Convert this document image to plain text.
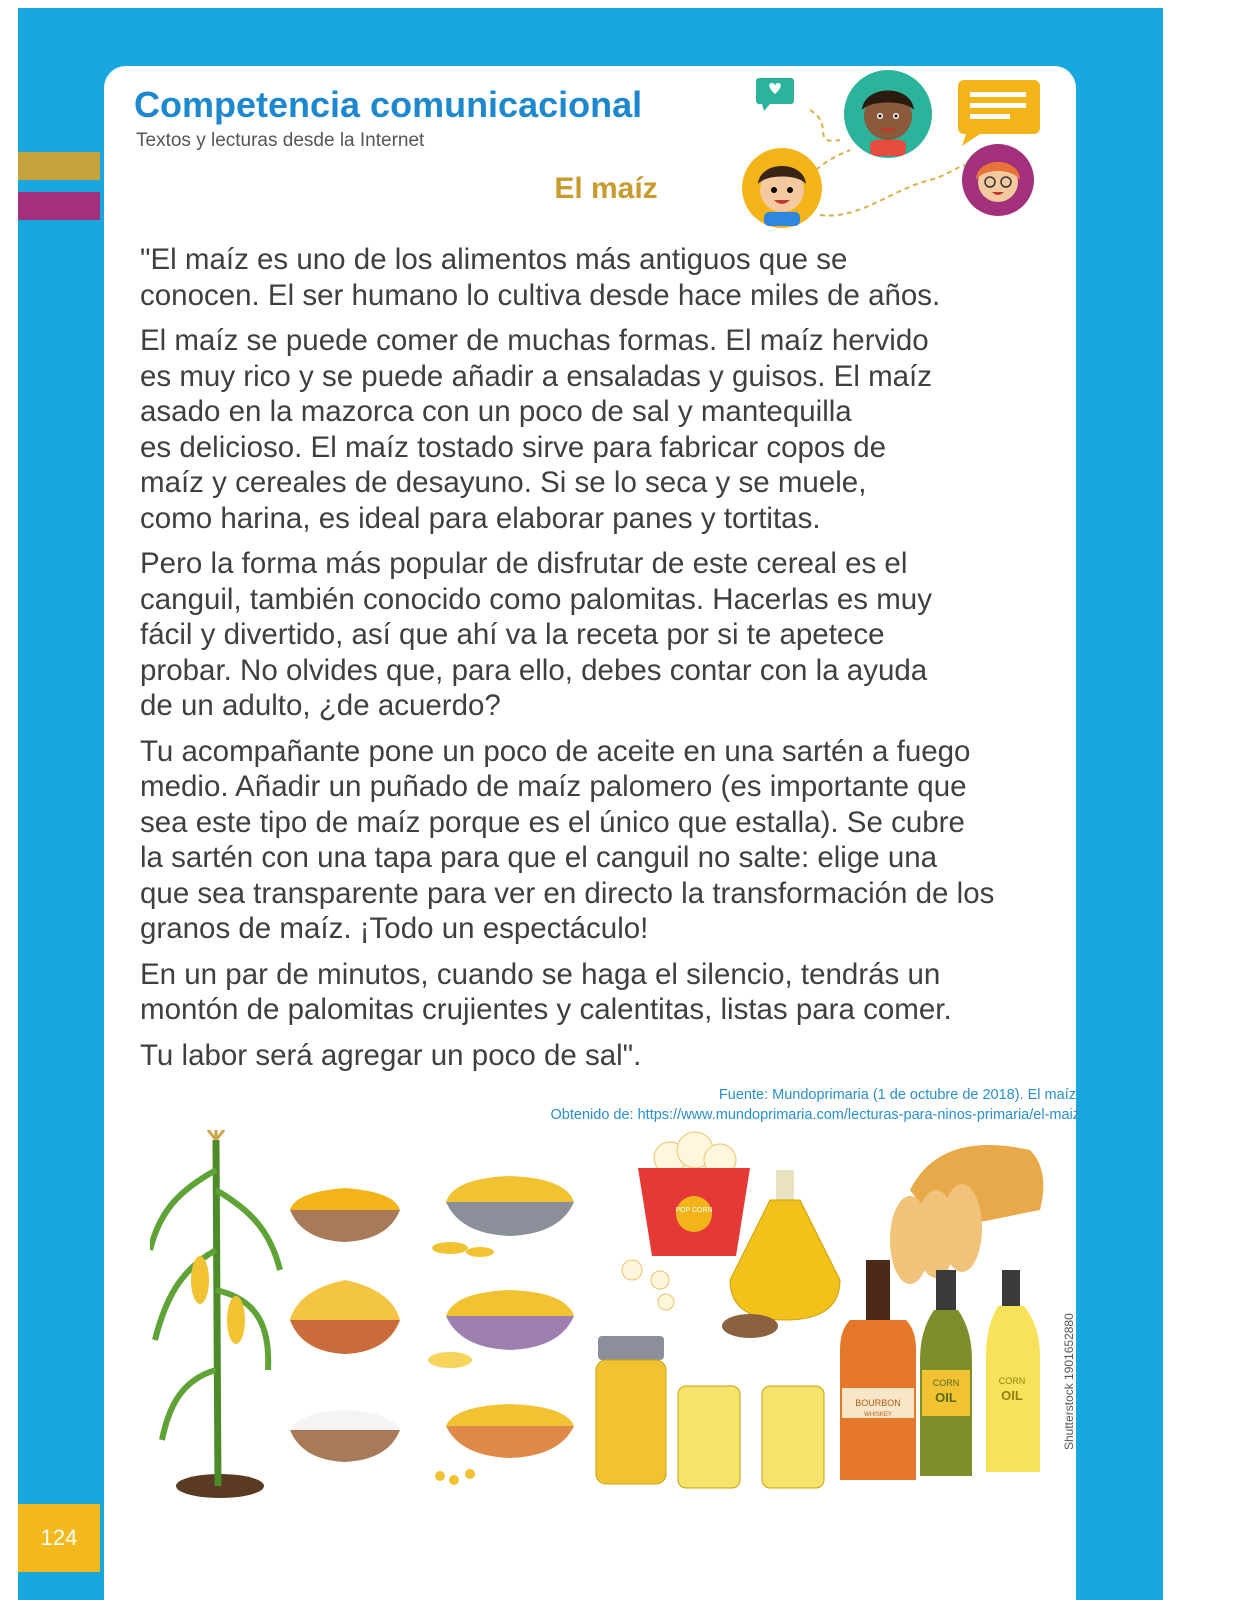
Competencia comunicacional
Textos y lecturas desde la Internet
El maíz

"El maíz es uno de los alimentos más antiguos que se
conocen. El ser humano lo cultiva desde hace miles de años.

El maíz se puede comer de muchas formas. El maíz hervido
es muy rico y se puede añadir a ensaladas y guisos. El maíz
asado en la mazorca con un poco de sal y mantequilla
es delicioso. El maíz tostado sirve para fabricar copos de
maíz y cereales de desayuno. Si se lo seca y se muele,
como harina, es ideal para elaborar panes y tortitas.

Pero la forma más popular de disfrutar de este cereal es el
canguil, también conocido como palomitas. Hacerlas es muy
fácil y divertido, así que ahí va la receta por si te apetece
probar. No olvides que, para ello, debes contar con la ayuda
de un adulto, ¿de acuerdo?

Tu acompañante pone un poco de aceite en una sartén a fuego
medio. Añadir un puñado de maíz palomero (es importante que
sea este tipo de maíz porque es el único que estalla). Se cubre
la sartén con una tapa para que el canguil no salte: elige una
que sea transparente para ver en directo la transformación de los
granos de maíz. ¡Todo un espectáculo!

En un par de minutos, cuando se haga el silencio, tendrás un
montón de palomitas crujientes y calentitas, listas para comer.

Tu labor será agregar un poco de sal".

Fuente: Mundoprimaria (1 de octubre de 2018). El maíz.
Obtenido de: https://www.mundoprimaria.com/lecturas-para-ninos-primaria/el-maiz
POP CORN
BOURBON
WHISKEY
CORN
OIL
CORN
OIL	Shutterstock 1901652880
124
